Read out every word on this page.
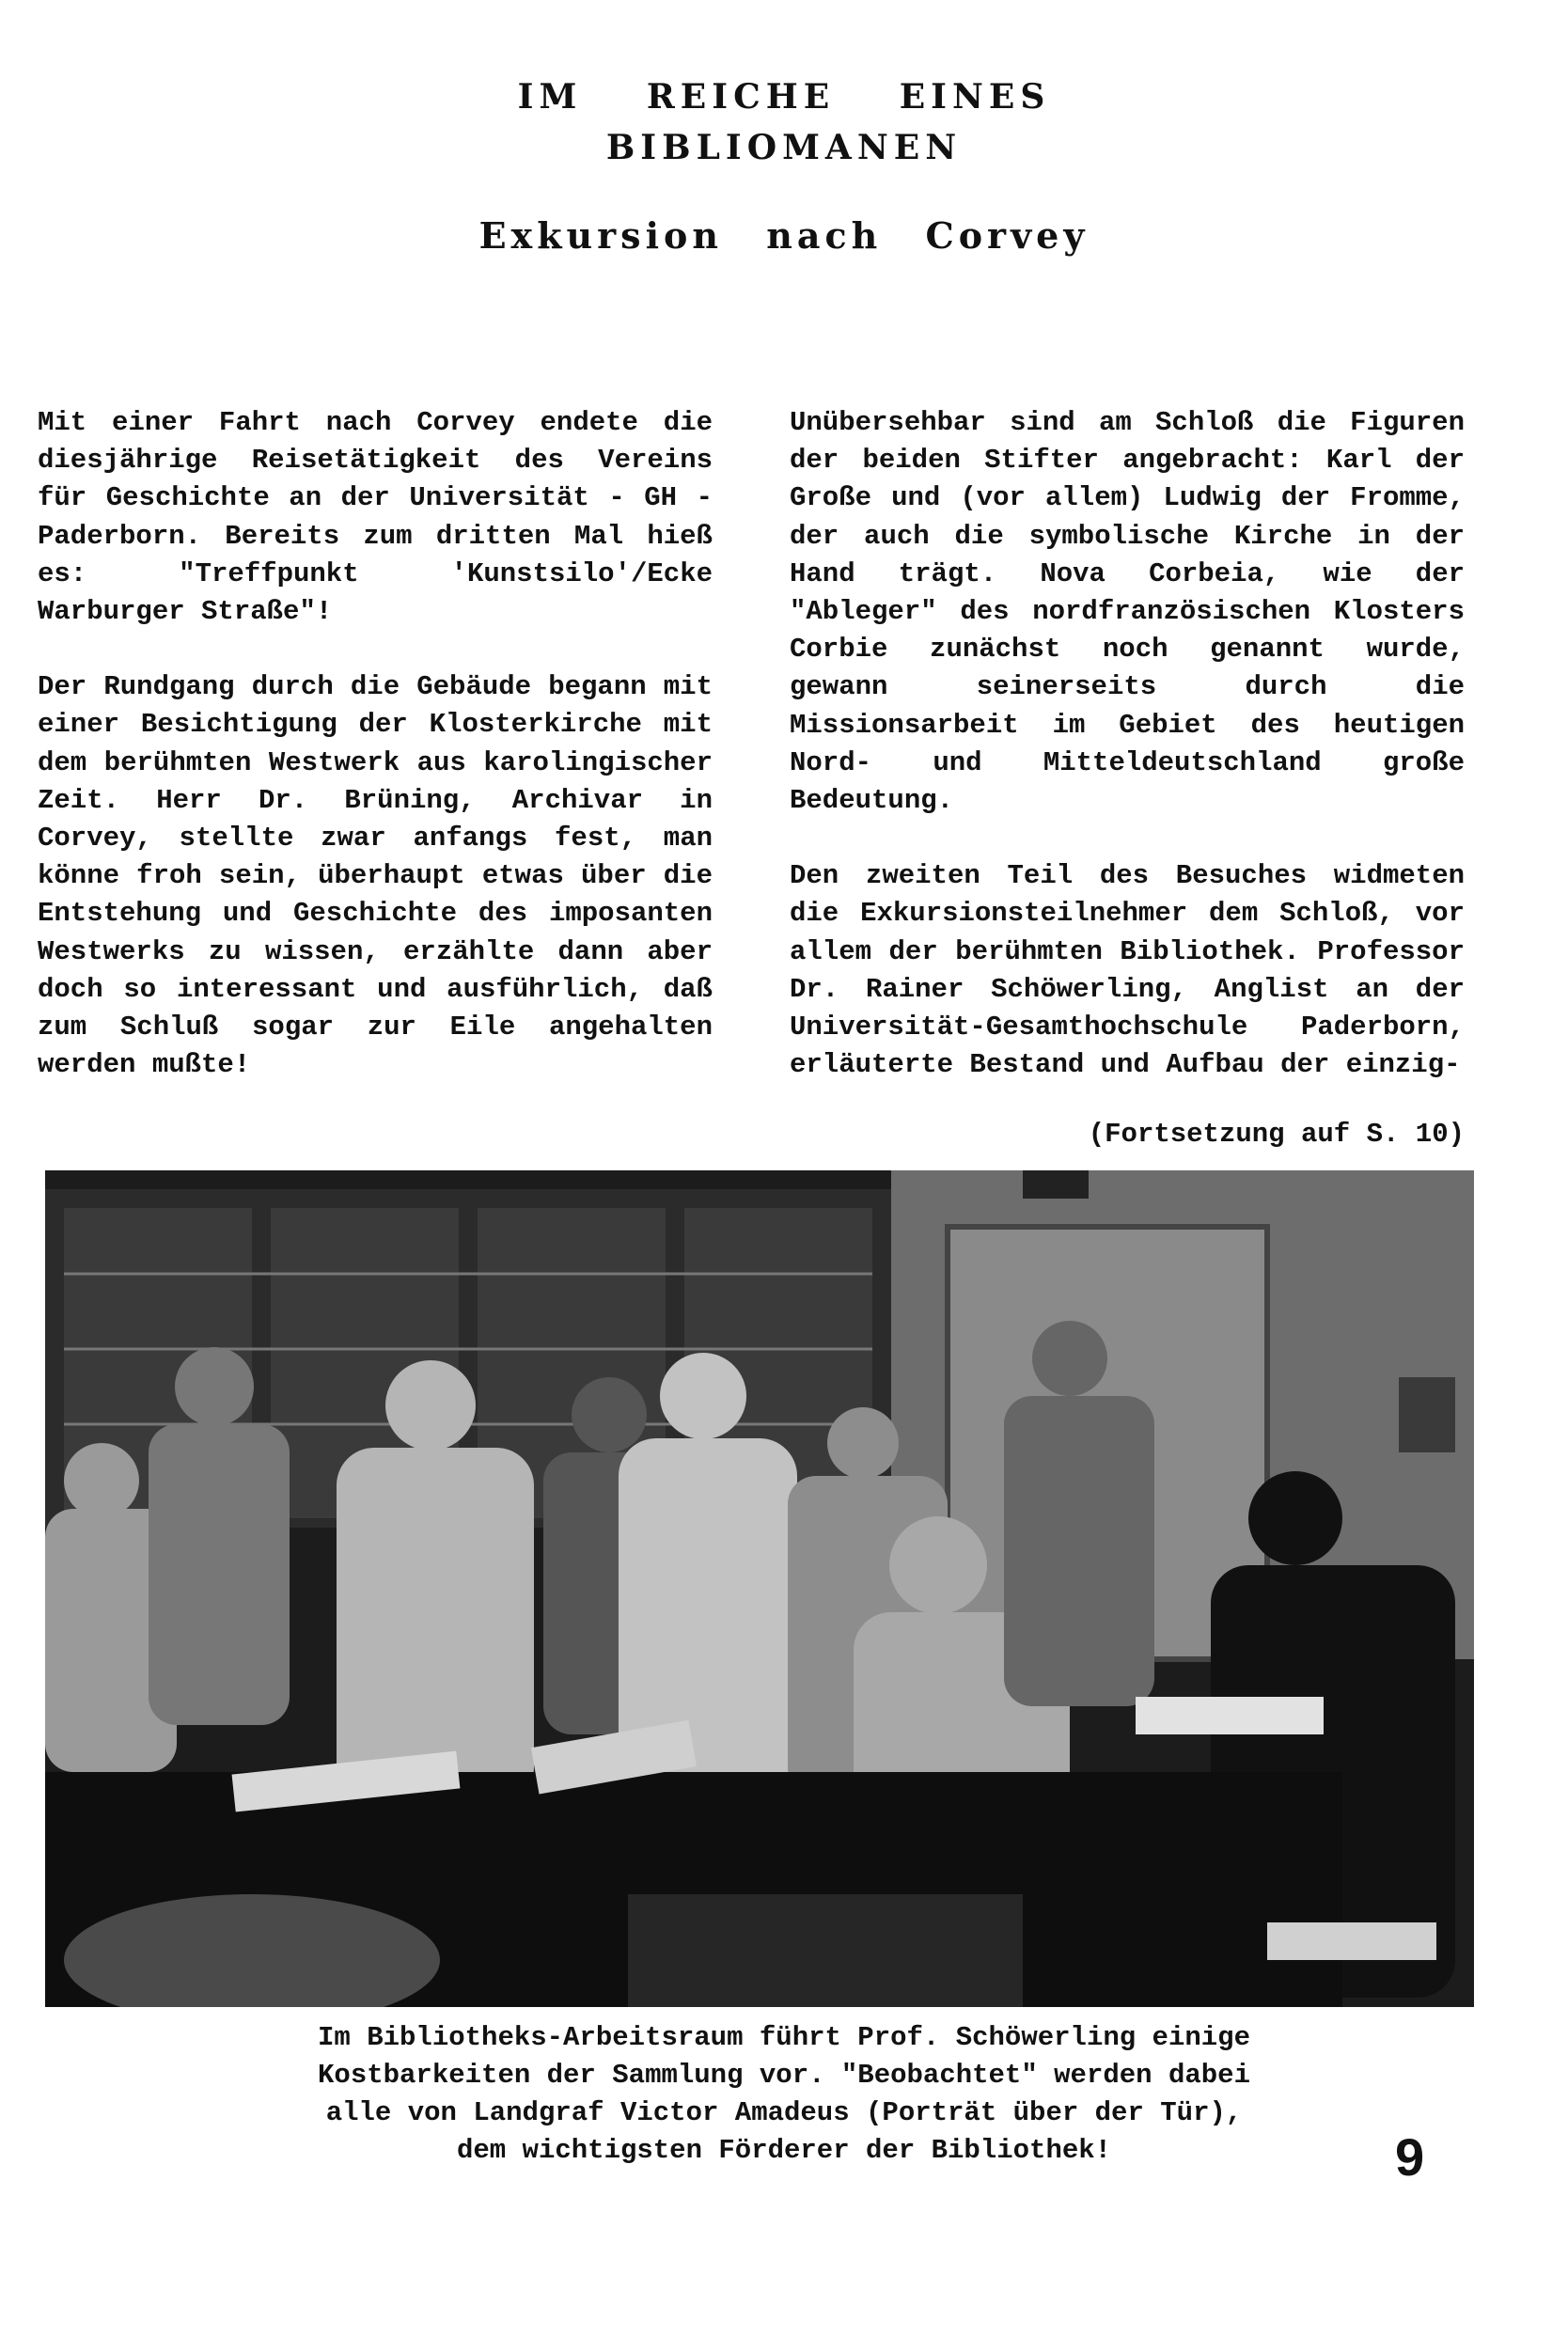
IM REICHE EINES
BIBLIOMANEN
Exkursion nach Corvey

Mit einer Fahrt nach Corvey endete die diesjährige Reisetätigkeit des Vereins für Geschichte an der Universität - GH - Paderborn. Bereits zum dritten Mal hieß es: "Treffpunkt 'Kunstsilo'/Ecke Warburger Straße"!

Der Rundgang durch die Gebäude begann mit einer Besichtigung der Klosterkirche mit dem berühmten Westwerk aus karolingischer Zeit. Herr Dr. Brüning, Archivar in Corvey, stellte zwar anfangs fest, man könne froh sein, überhaupt etwas über die Entstehung und Geschichte des imposanten Westwerks zu wissen, erzählte dann aber doch so interessant und ausführlich, daß zum Schluß sogar zur Eile angehalten werden mußte!

Unübersehbar sind am Schloß die Figuren der beiden Stifter angebracht: Karl der Große und (vor allem) Ludwig der Fromme, der auch die symbolische Kirche in der Hand trägt. Nova Corbeia, wie der "Ableger" des nordfranzösischen Klosters Corbie zunächst noch genannt wurde, gewann seinerseits durch die Missionsarbeit im Gebiet des heutigen Nord- und Mitteldeutschland große Bedeutung.

Den zweiten Teil des Besuches widmeten die Exkursionsteilnehmer dem Schloß, vor allem der berühmten Bibliothek. Professor Dr. Rainer Schöwerling, Anglist an der Universität-Gesamthochschule Paderborn, erläuterte Bestand und Aufbau der einzig-

(Fortsetzung auf S. 10)
Im Bibliotheks-Arbeitsraum führt Prof. Schöwerling einige
Kostbarkeiten der Sammlung vor. "Beobachtet" werden dabei
alle von Landgraf Victor Amadeus (Porträt über der Tür),
dem wichtigsten Förderer der Bibliothek!	9
